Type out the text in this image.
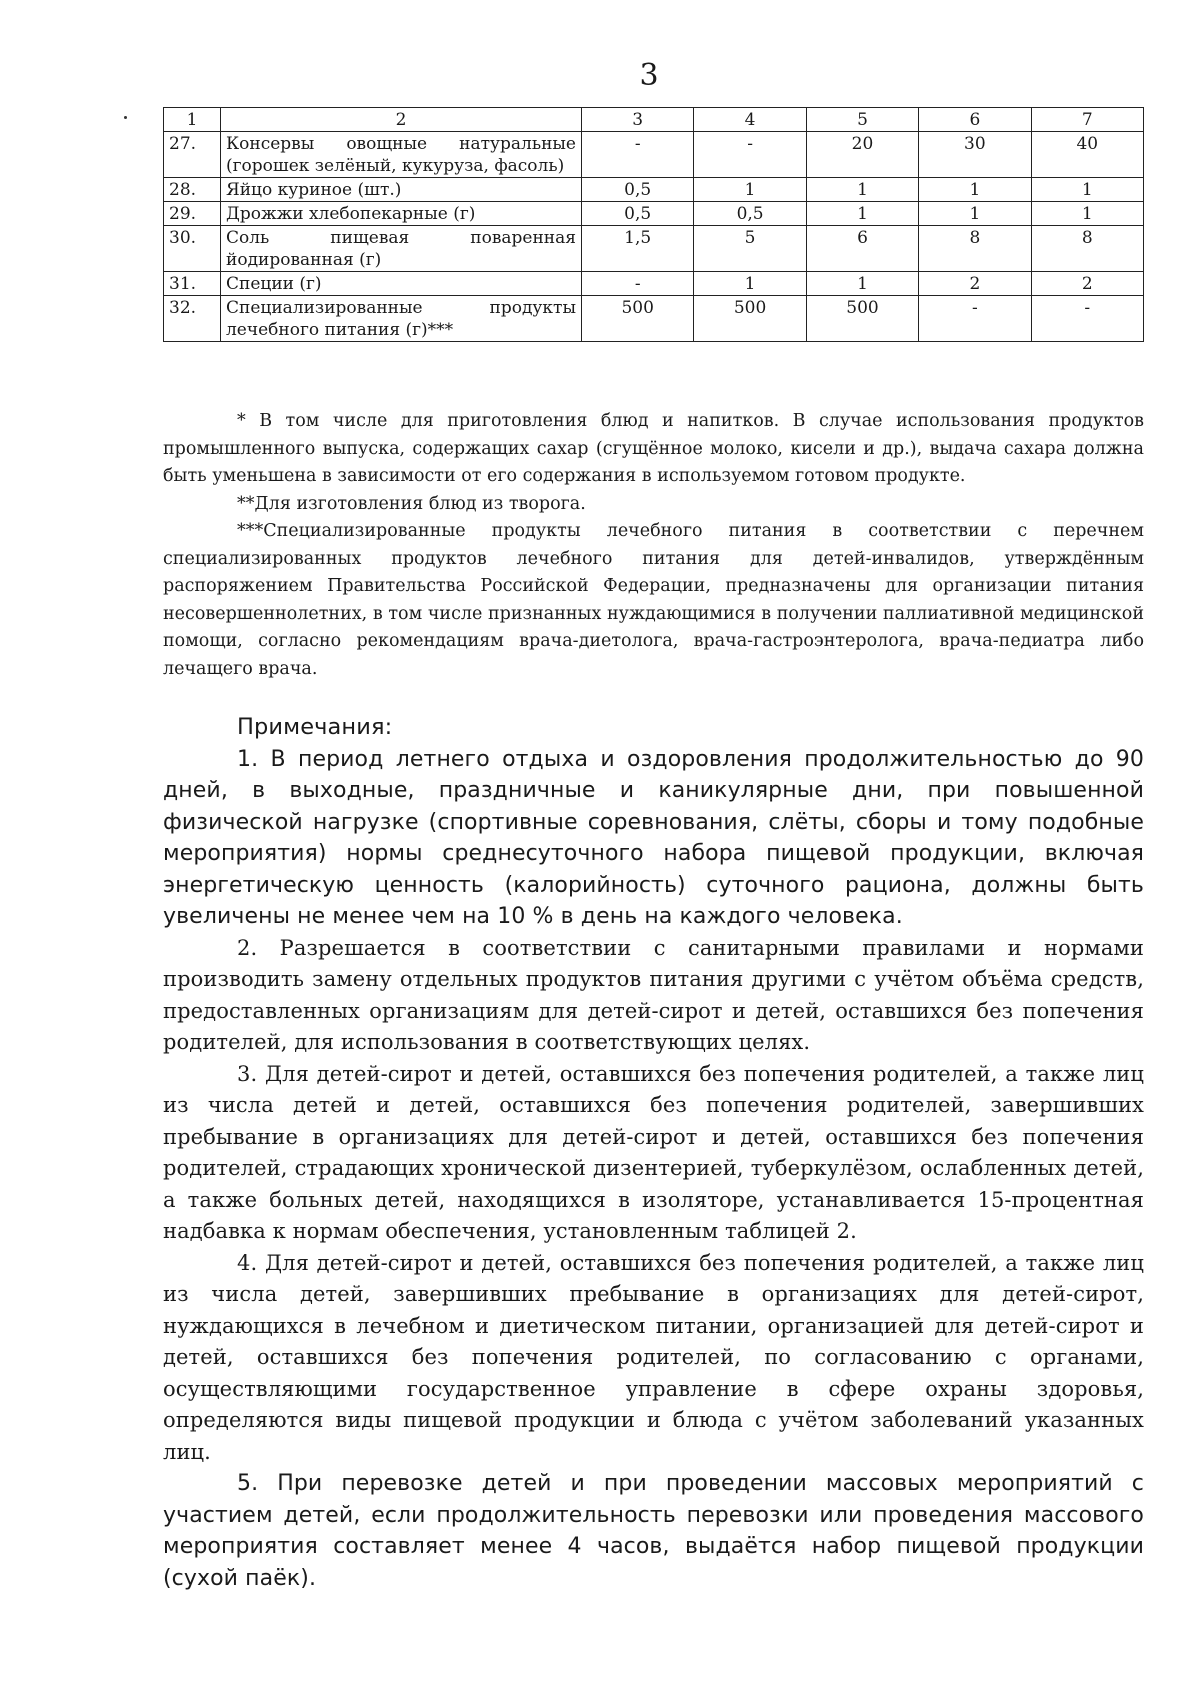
3
1	2	3	4	5	6	7
27.	Консервы овощные натуральные (горошек зелёный, кукуруза, фасоль)	-	-	20	30	40
28.	Яйцо куриное (шт.)	0,5	1	1	1	1
29.	Дрожжи хлебопекарные (г)	0,5	0,5	1	1	1
30.	Соль пищевая поваренная йодированная (г)	1,5	5	6	8	8
31.	Специи (г)	-	1	1	2	2
32.	Специализированные продукты лечебного питания (г)***	500	500	500	-	-

* В том числе для приготовления блюд и напитков. В случае использования продуктов промышленного выпуска, содержащих сахар (сгущённое молоко, кисели и др.), выдача сахара должна быть уменьшена в зависимости от его содержания в используемом готовом продукте.

**Для изготовления блюд из творога.

***Специализированные продукты лечебного питания в соответствии с перечнем специализированных продуктов лечебного питания для детей-инвалидов, утверждённым распоряжением Правительства Российской Федерации, предназначены для организации питания несовершеннолетних, в том числе признанных нуждающимися в получении паллиативной медицинской помощи, согласно рекомендациям врача-диетолога, врача-гастроэнтеролога, врача-педиатра либо лечащего врача.

Примечания:

1. В период летнего отдыха и оздоровления продолжительностью до 90 дней, в выходные, праздничные и каникулярные дни, при повышенной физической нагрузке (спортивные соревнования, слёты, сборы и тому подобные мероприятия) нормы среднесуточного набора пищевой продукции, включая энергетическую ценность (калорийность) суточного рациона, должны быть увеличены не менее чем на 10 % в день на каждого человека.

2. Разрешается в соответствии с санитарными правилами и нормами производить замену отдельных продуктов питания другими с учётом объёма средств, предоставленных организациям для детей-сирот и детей, оставшихся без попечения родителей, для использования в соответствующих целях.

3. Для детей-сирот и детей, оставшихся без попечения родителей, а также лиц из числа детей и детей, оставшихся без попечения родителей, завершивших пребывание в организациях для детей-сирот и детей, оставшихся без попечения родителей, страдающих хронической дизентерией, туберкулёзом, ослабленных детей, а также больных детей, находящихся в изоляторе, устанавливается 15-процентная надбавка к нормам обеспечения, установленным таблицей 2.

4. Для детей-сирот и детей, оставшихся без попечения родителей, а также лиц из числа детей, завершивших пребывание в организациях для детей-сирот, нуждающихся в лечебном и диетическом питании, организацией для детей-сирот и детей, оставшихся без попечения родителей, по согласованию с органами, осуществляющими государственное управление в сфере охраны здоровья, определяются виды пищевой продукции и блюда с учётом заболеваний указанных лиц.

5. При перевозке детей и при проведении массовых мероприятий с участием детей, если продолжительность перевозки или проведения массового мероприятия составляет менее 4 часов, выдаётся набор пищевой продукции (сухой паёк).
